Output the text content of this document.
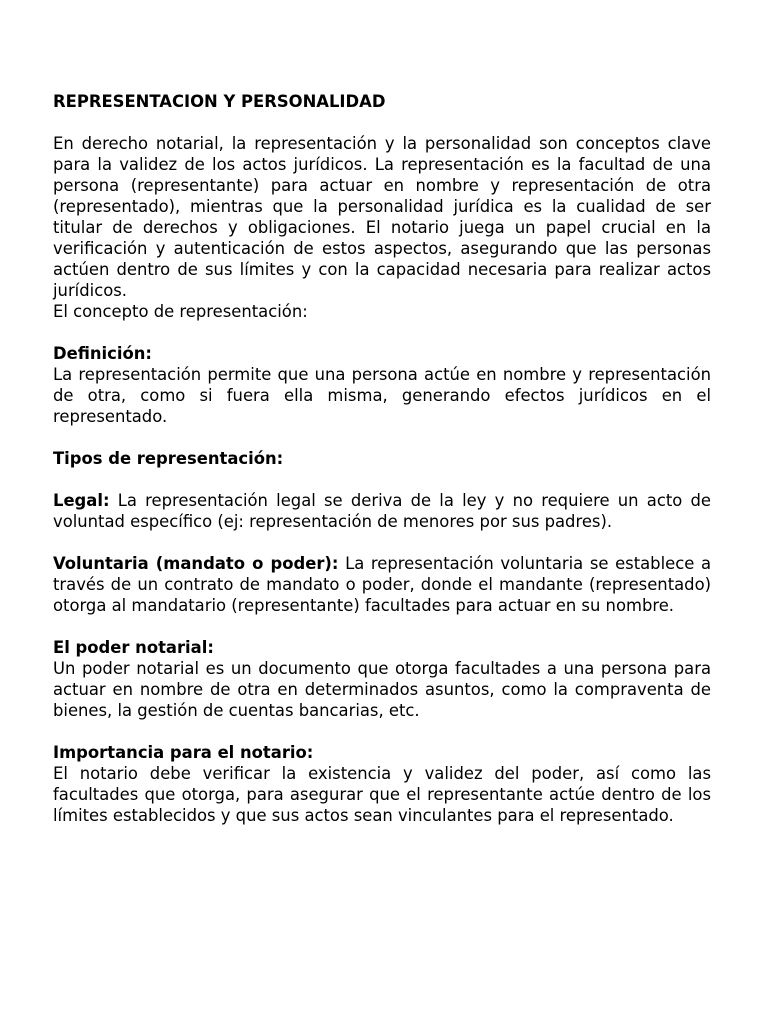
REPRESENTACION Y PERSONALIDAD

En derecho notarial, la representación y la personalidad son conceptos clave para la validez de los actos jurídicos. La representación es la facultad de una persona (representante) para actuar en nombre y representación de otra (representado), mientras que la personalidad jurídica es la cualidad de ser titular de derechos y obligaciones. El notario juega un papel crucial en la verificación y autenticación de estos aspectos, asegurando que las personas actúen dentro de sus límites y con la capacidad necesaria para realizar actos jurídicos.

El concepto de representación:

Definición:

La representación permite que una persona actúe en nombre y representación de otra, como si fuera ella misma, generando efectos jurídicos en el representado.

Tipos de representación:

Legal: La representación legal se deriva de la ley y no requiere un acto de voluntad específico (ej: representación de menores por sus padres).

Voluntaria (mandato o poder): La representación voluntaria se establece a través de un contrato de mandato o poder, donde el mandante (representado) otorga al mandatario (representante) facultades para actuar en su nombre.

El poder notarial:

Un poder notarial es un documento que otorga facultades a una persona para actuar en nombre de otra en determinados asuntos, como la compraventa de bienes, la gestión de cuentas bancarias, etc.

Importancia para el notario:

El notario debe verificar la existencia y validez del poder, así como las facultades que otorga, para asegurar que el representante actúe dentro de los límites establecidos y que sus actos sean vinculantes para el representado.
